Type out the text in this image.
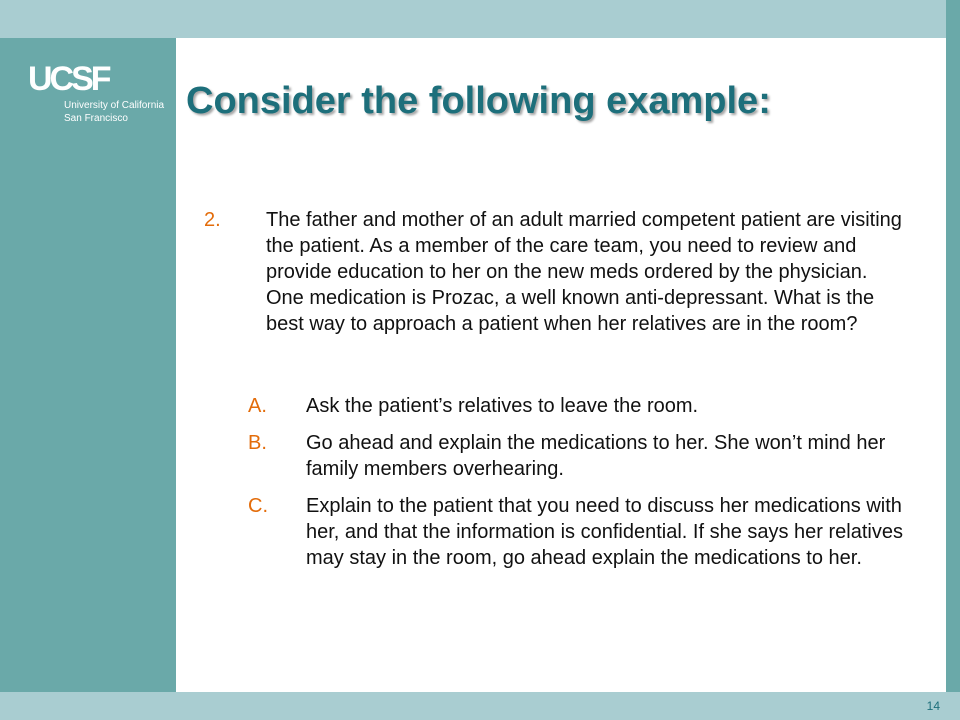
UCSF
University of California
San Francisco Consider the following example:
2. The father and mother of an adult married competent patient are visiting the patient. As a member of the care team, you need to review and provide education to her on the new meds ordered by the physician. One medication is Prozac, a well known anti-depressant. What is the best way to approach a patient when her relatives are in the room?
A. Ask the patient’s relatives to leave the room.
B. Go ahead and explain the medications to her. She won’t mind her family members overhearing.
C. Explain to the patient that you need to discuss her medications with her, and that the information is confidential. If she says her relatives may stay in the room, go ahead explain the medications to her.
14
